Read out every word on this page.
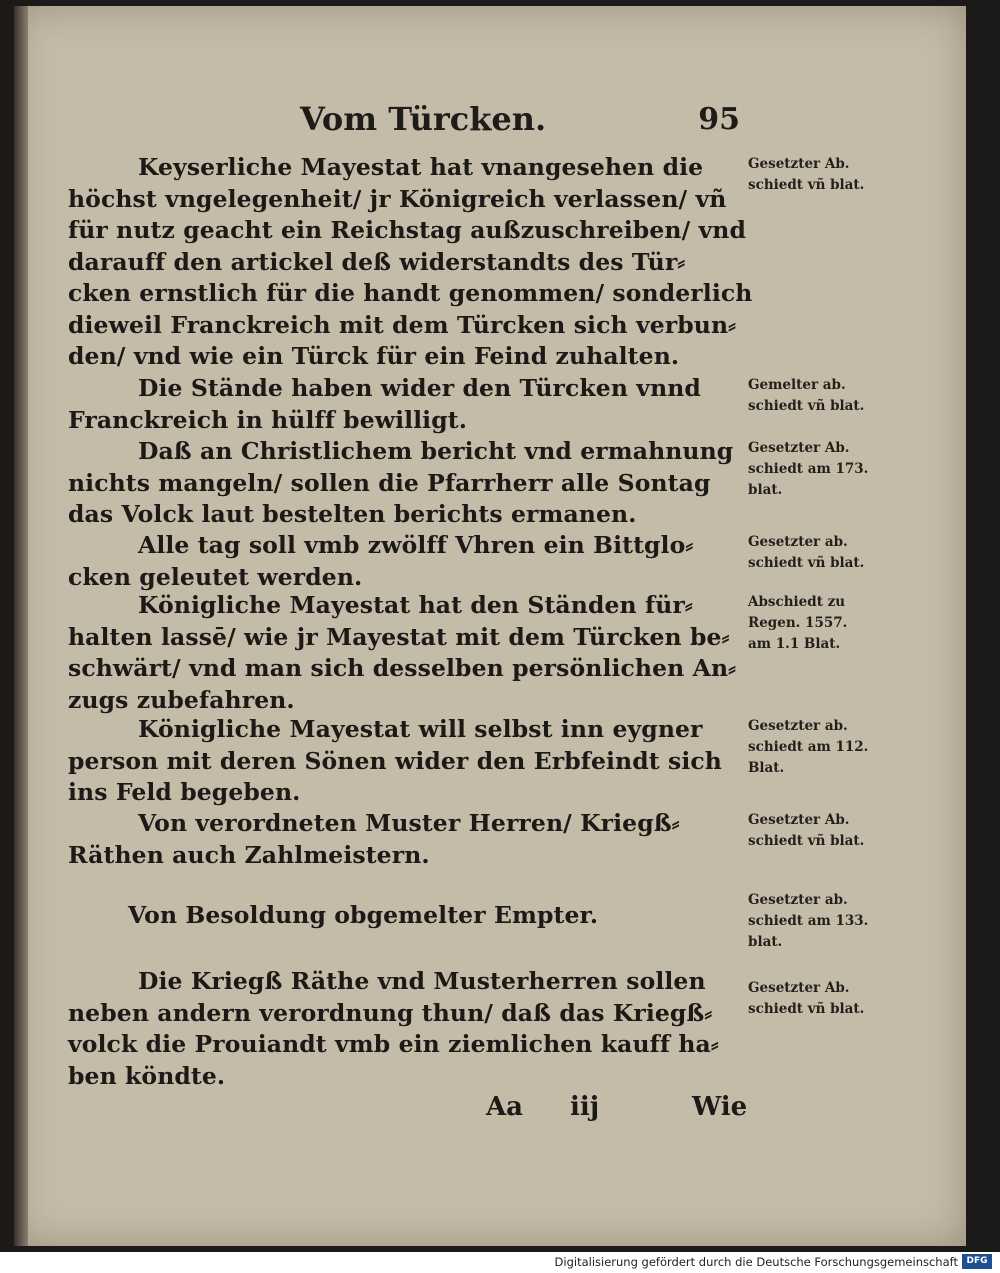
Vom Türcken.	95
Keyserliche Mayestat hat vnangesehen die
höchst vngelegenheit/ jr Königreich verlassen/ vñ
für nutz geacht ein Reichstag außzuschreiben/ vnd
darauff den artickel deß widerstandts des Tür⸗
cken ernstlich für die handt genommen/ sonderlich
dieweil Franckreich mit dem Türcken sich verbun⸗
den/ vnd wie ein Türck für ein Feind zuhalten.
Gesetzter Ab.
schiedt vñ blat.
Die Stände haben wider den Türcken vnnd
Franckreich in hülff bewilligt.
Gemelter ab.
schiedt vñ blat.
Daß an Christlichem bericht vnd ermahnung
nichts mangeln/ sollen die Pfarrherr alle Sontag
das Volck laut bestelten berichts ermanen.
Gesetzter Ab.
schiedt am 173.
blat.
Alle tag soll vmb zwölff Vhren ein Bittglo⸗
cken geleutet werden.
Gesetzter ab.
schiedt vñ blat.
Königliche Mayestat hat den Ständen für⸗
halten lassē/ wie jr Mayestat mit dem Türcken be⸗
schwärt/ vnd man sich desselben persönlichen An⸗
zugs zubefahren.
Abschiedt zu
Regen. 1557.
am 1.1 Blat.
Königliche Mayestat will selbst inn eygner
person mit deren Sönen wider den Erbfeindt sich
ins Feld begeben.
Gesetzter ab.
schiedt am 112.
Blat.
Von verordneten Muster Herren/ Kriegß⸗
Räthen auch Zahlmeistern.
Gesetzter Ab.
schiedt vñ blat.
Von Besoldung obgemelter Empter.
Gesetzter ab.
schiedt am 133.
blat.
Die Kriegß Räthe vnd Musterherren sollen
neben andern verordnung thun/ daß das Kriegß⸗
volck die Prouiandt vmb ein ziemlichen kauff ha⸗
ben köndte.
Gesetzter Ab.
schiedt vñ blat.
Aa iij	Wie
Digitalisierung gefördert durch die Deutsche Forschungsgemeinschaft DFG
